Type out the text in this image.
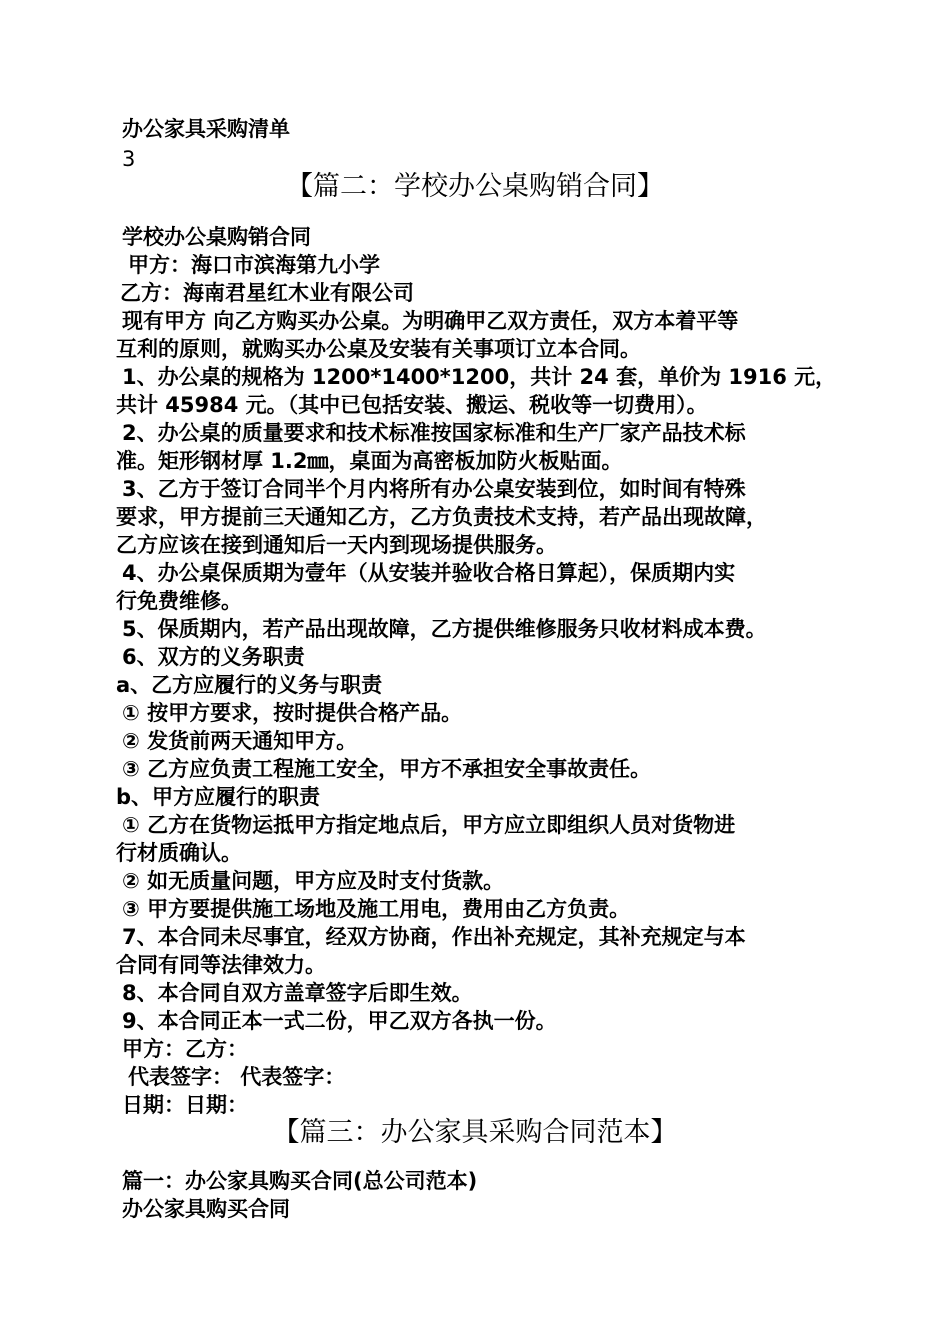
办公家具采购清单
3
【篇二：学校办公桌购销合同】
学校办公桌购销合同
甲方：海口市滨海第九小学
乙方：海南君星红木业有限公司
现有甲方 向乙方购买办公桌。为明确甲乙双方责任，双方本着平等
互利的原则，就购买办公桌及安装有关事项订立本合同。
1、办公桌的规格为 1200*1400*1200，共计 24 套，单价为 1916 元，
共计 45984 元。（其中已包括安装、搬运、税收等一切费用）。
2、办公桌的质量要求和技术标准按国家标准和生产厂家产品技术标
准。矩形钢材厚 1.2㎜，桌面为高密板加防火板贴面。
3、乙方于签订合同半个月内将所有办公桌安装到位，如时间有特殊
要求，甲方提前三天通知乙方，乙方负责技术支持，若产品出现故障，
乙方应该在接到通知后一天内到现场提供服务。
4、办公桌保质期为壹年（从安装并验收合格日算起），保质期内实
行免费维修。
5、保质期内，若产品出现故障，乙方提供维修服务只收材料成本费。
6、双方的义务职责
a、乙方应履行的义务与职责
① 按甲方要求，按时提供合格产品。
② 发货前两天通知甲方。
③ 乙方应负责工程施工安全，甲方不承担安全事故责任。
b、甲方应履行的职责
① 乙方在货物运抵甲方指定地点后，甲方应立即组织人员对货物进
行材质确认。
② 如无质量问题，甲方应及时支付货款。
③ 甲方要提供施工场地及施工用电，费用由乙方负责。
7、本合同未尽事宜，经双方协商，作出补充规定，其补充规定与本
合同有同等法律效力。
8、本合同自双方盖章签字后即生效。
9、本合同正本一式二份，甲乙双方各执一份。
甲方：乙方：
代表签字： 代表签字：
日期：日期：
【篇三：办公家具采购合同范本】
篇一：办公家具购买合同(总公司范本)
办公家具购买合同
